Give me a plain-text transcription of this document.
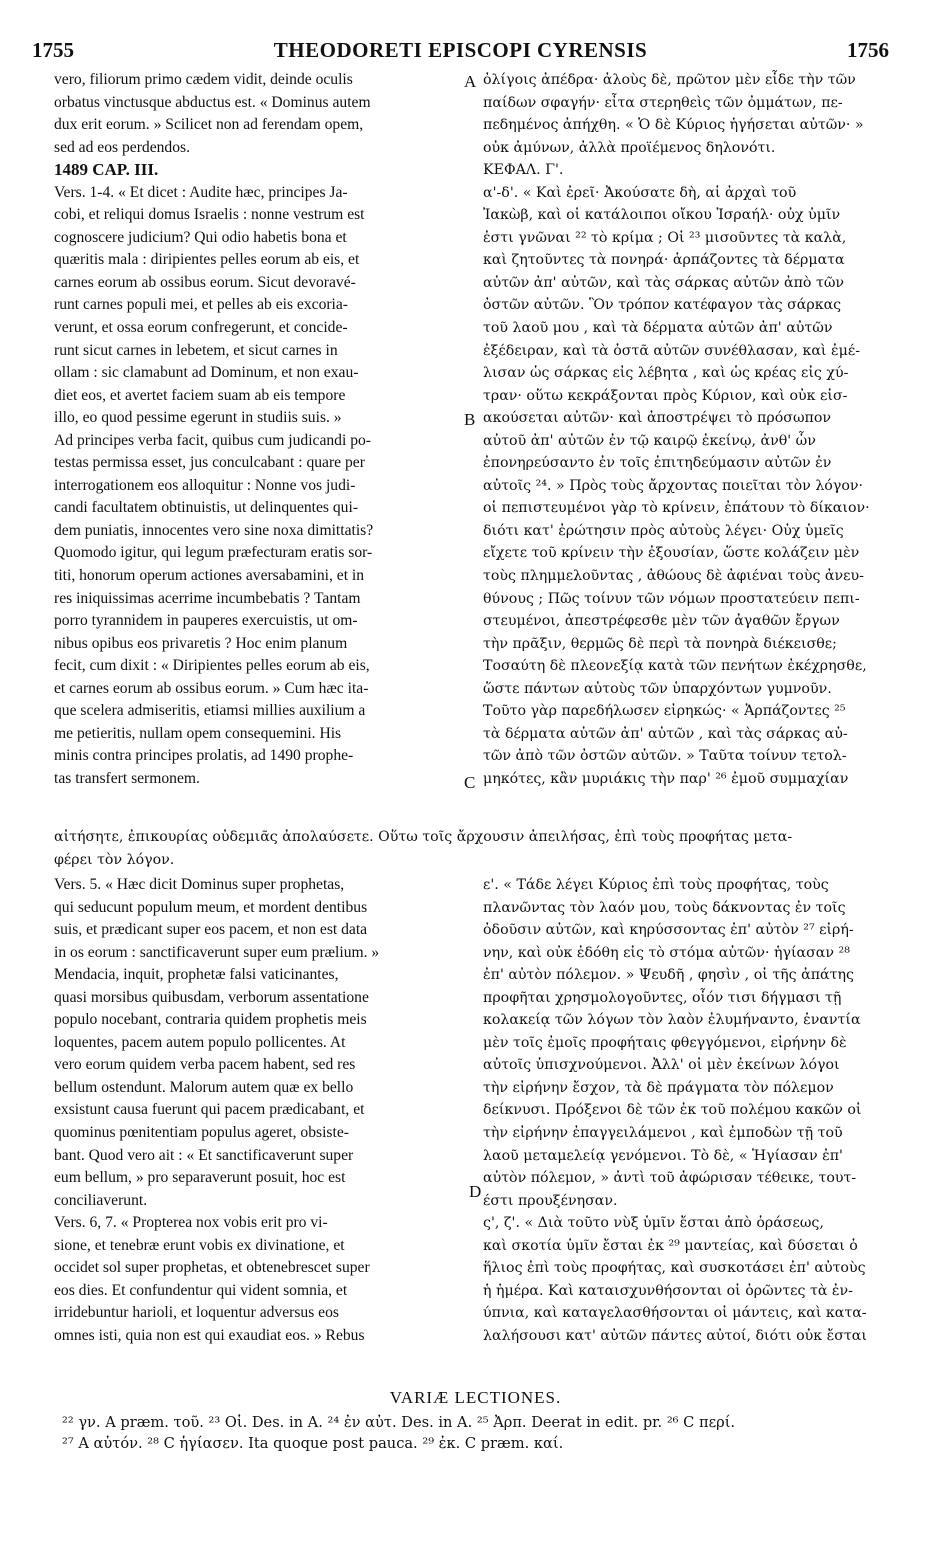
1755	THEODORETI EPISCOPI CYRENSIS	1756
vero, filiorum primo cædem vidit, deinde oculis
orbatus vinctusque abductus est. « Dominus autem
dux erit eorum. » Scilicet non ad ferendam opem,
sed ad eos perdendos.
1489 CAP. III.
Vers. 1-4. « Et dicet : Audite hæc, principes Ja-
cobi, et reliqui domus Israelis : nonne vestrum est
cognoscere judicium? Qui odio habetis bona et
quæritis mala : diripientes pelles eorum ab eis, et
carnes eorum ab ossibus eorum. Sicut devoravé-
runt carnes populi mei, et pelles ab eis excoria-
verunt, et ossa eorum confregerunt, et concide-
runt sicut carnes in lebetem, et sicut carnes in
ollam : sic clamabunt ad Dominum, et non exau-
diet eos, et avertet faciem suam ab eis tempore
illo, eo quod pessime egerunt in studiis suis. »
Ad principes verba facit, quibus cum judicandi po-
testas permissa esset, jus conculcabant : quare per
interrogationem eos alloquitur : Nonne vos judi-
candi facultatem obtinuistis, ut delinquentes qui-
dem puniatis, innocentes vero sine noxa dimittatis?
Quomodo igitur, qui legum præfecturam eratis sor-
titi, honorum operum actiones aversabamini, et in
res iniquissimas acerrime incumbebatis ? Tantam
porro tyrannidem in pauperes exercuistis, ut om-
nibus opibus eos privaretis ? Hoc enim planum
fecit, cum dixit : « Diripientes pelles eorum ab eis,
et carnes eorum ab ossibus eorum. » Cum hæc ita-
que scelera admiseritis, etiamsi millies auxilium a
me petieritis, nullam opem consequemini. His
minis contra principes prolatis, ad 1490 prophe-
tas transfert sermonem.
ὀλίγοις ἀπέδρα· ἀλοὺς δὲ, πρῶτον μὲν εἶδε τὴν τῶν
παίδων σφαγήν· εἶτα στερηθεὶς τῶν ὀμμάτων, πε-
πεδημένος ἀπήχθη. « Ὁ δὲ Κύριος ἡγήσεται αὐτῶν· »
οὐκ ἀμύνων, ἀλλὰ προϊέμενος δηλονότι.
ΚΕΦΑΛ. Γ'.
α'-δ'. « Καὶ ἐρεῖ· Ἀκούσατε δὴ, αἱ ἀρχαὶ τοῦ
Ἰακὼβ, καὶ οἱ κατάλοιποι οἴκου Ἰσραήλ· οὐχ ὑμῖν
ἐστι γνῶναι ²² τὸ κρίμα ; Οἱ ²³ μισοῦντες τὰ καλὰ,
καὶ ζητοῦντες τὰ πονηρά· ἁρπάζοντες τὰ δέρματα
αὐτῶν ἀπ' αὐτῶν, καὶ τὰς σάρκας αὐτῶν ἀπὸ τῶν
ὀστῶν αὐτῶν. Ὃν τρόπον κατέφαγον τὰς σάρκας
τοῦ λαοῦ μου , καὶ τὰ δέρματα αὐτῶν ἀπ' αὐτῶν
ἐξέδειραν, καὶ τὰ ὀστᾶ αὐτῶν συνέθλασαν, καὶ ἐμέ-
λισαν ὡς σάρκας εἰς λέβητα , καὶ ὡς κρέας εἰς χύ-
τραν· οὕτω κεκράξονται πρὸς Κύριον, καὶ οὐκ εἰσ-
ακούσεται αὐτῶν· καὶ ἀποστρέψει τὸ πρόσωπον
αὐτοῦ ἀπ' αὐτῶν ἐν τῷ καιρῷ ἐκείνῳ, ἀνθ' ὧν
ἐπονηρεύσαντο ἐν τοῖς ἐπιτηδεύμασιν αὐτῶν ἐν
αὐτοῖς ²⁴. » Πρὸς τοὺς ἄρχοντας ποιεῖται τὸν λόγον·
οἱ πεπιστευμένοι γὰρ τὸ κρίνειν, ἐπάτουν τὸ δίκαιον·
διότι κατ' ἐρώτησιν πρὸς αὐτοὺς λέγει· Οὐχ ὑμεῖς
εἴχετε τοῦ κρίνειν τὴν ἐξουσίαν, ὥστε κολάζειν μὲν
τοὺς πλημμελοῦντας , ἀθώους δὲ ἀφιέναι τοὺς ἀνευ-
θύνους ; Πῶς τοίνυν τῶν νόμων προστατεύειν πεπι-
στευμένοι, ἀπεστρέφεσθε μὲν τῶν ἀγαθῶν ἔργων
τὴν πρᾶξιν, θερμῶς δὲ περὶ τὰ πονηρὰ διέκεισθε;
Τοσαύτη δὲ πλεονεξίᾳ κατὰ τῶν πενήτων ἐκέχρησθε,
ὥστε πάντων αὐτοὺς τῶν ὑπαρχόντων γυμνοῦν.
Τοῦτο γὰρ παρεδήλωσεν εἰρηκώς· « Ἁρπάζοντες ²⁵
τὰ δέρματα αὐτῶν ἀπ' αὐτῶν , καὶ τὰς σάρκας αὐ-
τῶν ἀπὸ τῶν ὀστῶν αὐτῶν. » Ταῦτα τοίνυν τετολ-
μηκότες, κἂν μυριάκις τὴν παρ' ²⁶ ἐμοῦ συμμαχίαν
A
B
C
D
αἰτήσητε, ἐπικουρίας οὐδεμιᾶς ἀπολαύσετε. Οὕτω τοῖς ἄρχουσιν ἀπειλήσας, ἐπὶ τοὺς προφήτας μετα-
φέρει τὸν λόγον.
Vers. 5. « Hæc dicit Dominus super prophetas,
qui seducunt populum meum, et mordent dentibus
suis, et prædicant super eos pacem, et non est data
in os eorum : sanctificaverunt super eum prælium. »
Mendacia, inquit, prophetæ falsi vaticinantes,
quasi morsibus quibusdam, verborum assentatione
populo nocebant, contraria quidem prophetis meis
loquentes, pacem autem populo pollicentes. At
vero eorum quidem verba pacem habent, sed res
bellum ostendunt. Malorum autem quæ ex bello
exsistunt causa fuerunt qui pacem prædicabant, et
quominus pœnitentiam populus ageret, obsiste-
bant. Quod vero ait : « Et sanctificaverunt super
eum bellum, » pro separaverunt posuit, hoc est
conciliaverunt.
Vers. 6, 7. « Propterea nox vobis erit pro vi-
sione, et tenebræ erunt vobis ex divinatione, et
occidet sol super prophetas, et obtenebrescet super
eos dies. Et confundentur qui vident somnia, et
irridebuntur harioli, et loquentur adversus eos
omnes isti, quia non est qui exaudiat eos. » Rebus
ε'. « Τάδε λέγει Κύριος ἐπὶ τοὺς προφήτας, τοὺς
πλανῶντας τὸν λαόν μου, τοὺς δάκνοντας ἐν τοῖς
ὀδοῦσιν αὐτῶν, καὶ κηρύσσοντας ἐπ' αὐτὸν ²⁷ εἰρή-
νην, καὶ οὐκ ἐδόθη εἰς τὸ στόμα αὐτῶν· ἡγίασαν ²⁸
ἐπ' αὐτὸν πόλεμον. » Ψευδῆ , φησὶν , οἱ τῆς ἀπάτης
προφῆται χρησμολογοῦντες, οἷόν τισι δήγμασι τῇ
κολακείᾳ τῶν λόγων τὸν λαὸν ἐλυμήναντο, ἐναντία
μὲν τοῖς ἐμοῖς προφήταις φθεγγόμενοι, εἰρήνην δὲ
αὐτοῖς ὑπισχνούμενοι. Ἀλλ' οἱ μὲν ἐκείνων λόγοι
τὴν εἰρήνην ἔσχον, τὰ δὲ πράγματα τὸν πόλεμον
δείκνυσι. Πρόξενοι δὲ τῶν ἐκ τοῦ πολέμου κακῶν οἱ
τὴν εἰρήνην ἐπαγγειλάμενοι , καὶ ἐμποδὼν τῇ τοῦ
λαοῦ μεταμελείᾳ γενόμενοι. Τὸ δὲ, « Ἡγίασαν ἐπ'
αὐτὸν πόλεμον, » ἀντὶ τοῦ ἀφώρισαν τέθεικε, τουτ-
έστι προυξένησαν.
ς', ζ'. « Διὰ τοῦτο νὺξ ὑμῖν ἔσται ἀπὸ ὁράσεως,
καὶ σκοτία ὑμῖν ἔσται ἐκ ²⁹ μαντείας, καὶ δύσεται ὁ
ἥλιος ἐπὶ τοὺς προφήτας, καὶ συσκοτάσει ἐπ' αὐτοὺς
ἡ ἡμέρα. Καὶ καταισχυνθήσονται οἱ ὁρῶντες τὰ ἐν-
ύπνια, καὶ καταγελασθήσονται οἱ μάντεις, καὶ κατα-
λαλήσουσι κατ' αὐτῶν πάντες αὐτοί, διότι οὐκ ἔσται
VARIÆ LECTIONES.
²² γν. A præm. τοῦ. ²³ Οἱ. Des. in A. ²⁴ ἐν αὐτ. Des. in A. ²⁵ Ἀρπ. Deerat in edit. pr. ²⁶ C περί.
²⁷ A αὐτόν. ²⁸ C ἡγίασεν. Ita quoque post pauca. ²⁹ ἐκ. C præm. καί.
